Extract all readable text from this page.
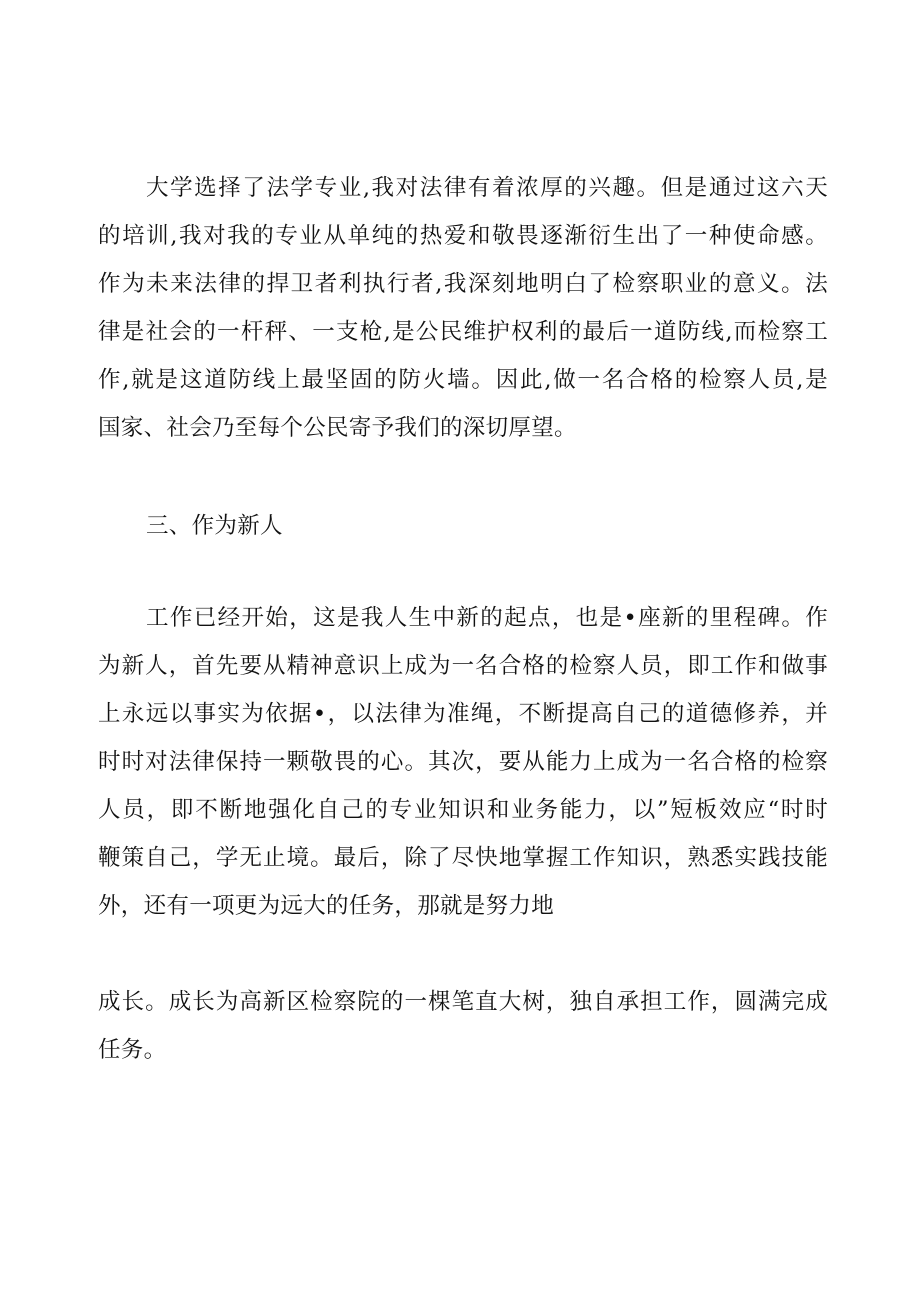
大学选择了法学专业,我对法律有着浓厚的兴趣。但是通过这六天
的培训,我对我的专业从单纯的热爱和敬畏逐渐衍生出了一种使命感。
作为未来法律的捍卫者利执行者,我深刻地明白了检察职业的意义。法
律是社会的一杆秤、一支枪,是公民维护权利的最后一道防线,而检察工
作,就是这道防线上最坚固的防火墙。因此,做一名合格的检察人员,是
国家、社会乃至每个公民寄予我们的深切厚望。
三、作为新人
工作已经开始，这是我人生中新的起点，也是•座新的里程碑。作
为新人，首先要从精神意识上成为一名合格的检察人员，即工作和做事
上永远以事实为依据•，以法律为准绳，不断提高自己的道德修养，并
时时对法律保持一颗敬畏的心。其次，要从能力上成为一名合格的检察
人员，即不断地强化自己的专业知识和业务能力，以”短板效应“时时
鞭策自己，学无止境。最后，除了尽快地掌握工作知识，熟悉实践技能
外，还有一项更为远大的任务，那就是努力地
成长。成长为高新区检察院的一棵笔直大树，独自承担工作，圆满完成
任务。
